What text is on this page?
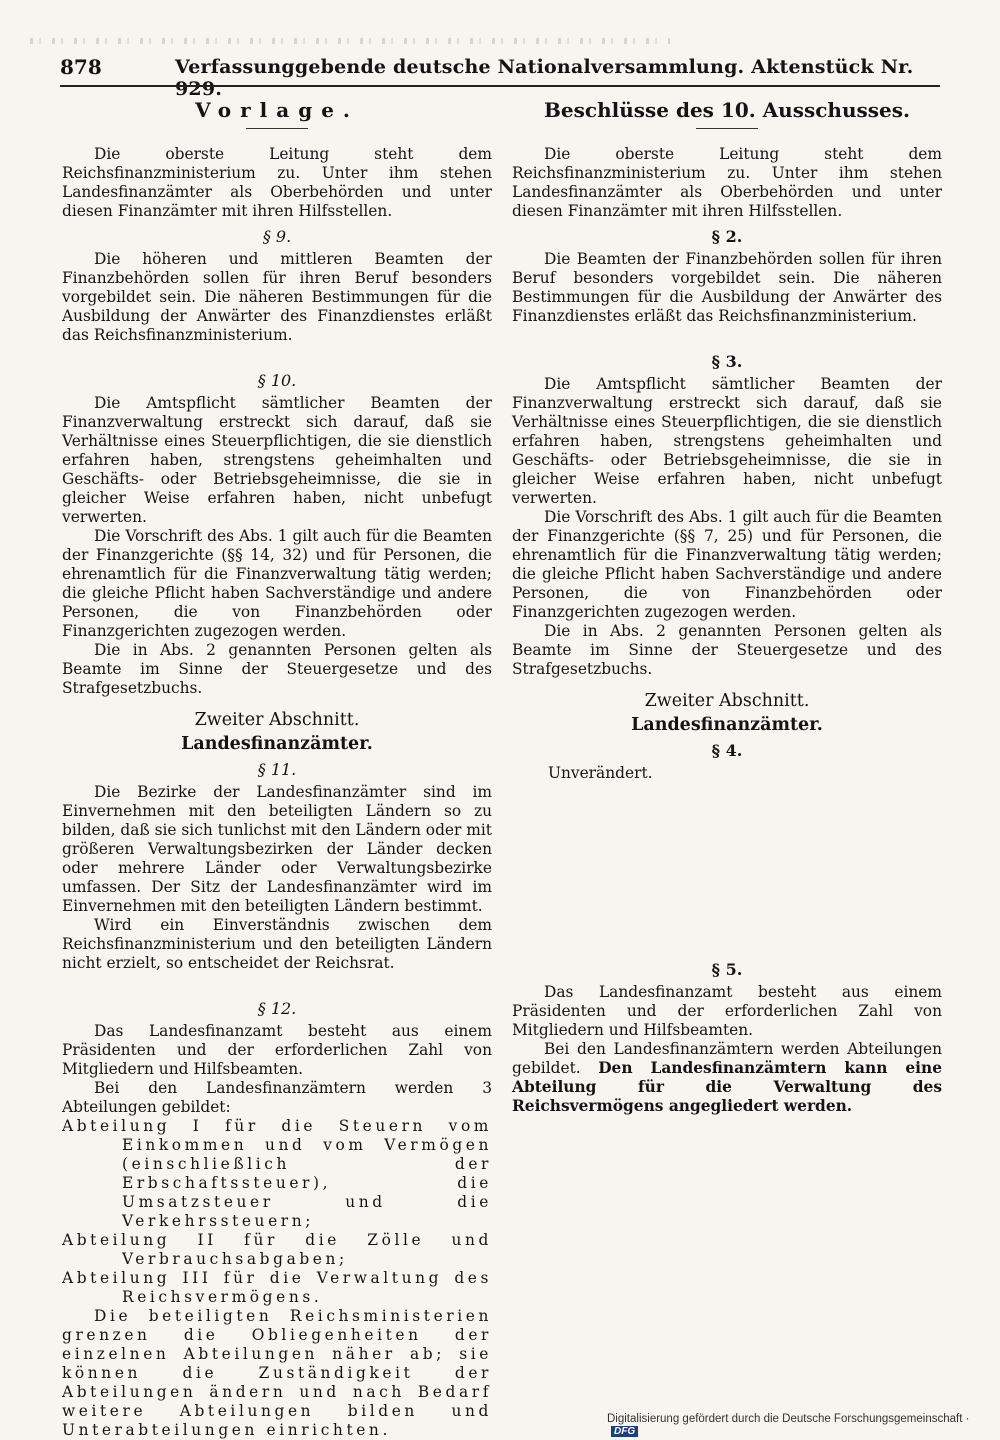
878	Verfassunggebende deutsche Nationalversammlung. Aktenstück Nr. 929.
Vorlage.

Die oberste Leitung steht dem Reichsfinanzministerium zu. Unter ihm stehen Landesfinanzämter als Oberbehörden und unter diesen Finanzämter mit ihren Hilfsstellen.

§ 9.

Die höheren und mittleren Beamten der Finanzbehörden sollen für ihren Beruf besonders vorgebildet sein. Die näheren Bestimmungen für die Ausbildung der Anwärter des Finanzdienstes erläßt das Reichsfinanzministerium.

§ 10.

Die Amtspflicht sämtlicher Beamten der Finanzverwaltung erstreckt sich darauf, daß sie Verhältnisse eines Steuerpflichtigen, die sie dienstlich erfahren haben, strengstens geheimhalten und Geschäfts- oder Betriebsgeheimnisse, die sie in gleicher Weise erfahren haben, nicht unbefugt verwerten.

Die Vorschrift des Abs. 1 gilt auch für die Beamten der Finanzgerichte (§§ 14, 32) und für Personen, die ehrenamtlich für die Finanzverwaltung tätig werden; die gleiche Pflicht haben Sachverständige und andere Personen, die von Finanzbehörden oder Finanzgerichten zugezogen werden.

Die in Abs. 2 genannten Personen gelten als Beamte im Sinne der Steuergesetze und des Strafgesetzbuchs.

Zweiter Abschnitt.
Landesfinanzämter.
§ 11.

Die Bezirke der Landesfinanzämter sind im Einvernehmen mit den beteiligten Ländern so zu bilden, daß sie sich tunlichst mit den Ländern oder mit größeren Verwaltungsbezirken der Länder decken oder mehrere Länder oder Verwaltungsbezirke umfassen. Der Sitz der Landesfinanzämter wird im Einvernehmen mit den beteiligten Ländern bestimmt.

Wird ein Einverständnis zwischen dem Reichsfinanzministerium und den beteiligten Ländern nicht erzielt, so entscheidet der Reichsrat.

§ 12.

Das Landesfinanzamt besteht aus einem Präsidenten und der erforderlichen Zahl von Mitgliedern und Hilfsbeamten.

Bei den Landesfinanzämtern werden 3 Abteilungen gebildet:

Abteilung I für die Steuern vom Einkommen und vom Vermögen (einschließlich der Erbschaftssteuer), die Umsatzsteuer und die Verkehrssteuern;
Abteilung II für die Zölle und Verbrauchsabgaben;
Abteilung III für die Verwaltung des Reichsvermögens.

Die beteiligten Reichsministerien grenzen die Obliegenheiten der einzelnen Abteilungen näher ab; sie können die Zuständigkeit der Abteilungen ändern und nach Bedarf weitere Abteilungen bilden und Unterabteilungen einrichten.

Beschlüsse des 10. Ausschusses.

Die oberste Leitung steht dem Reichsfinanzministerium zu. Unter ihm stehen Landesfinanzämter als Oberbehörden und unter diesen Finanzämter mit ihren Hilfsstellen.

§ 2.

Die Beamten der Finanzbehörden sollen für ihren Beruf besonders vorgebildet sein. Die näheren Bestimmungen für die Ausbildung der Anwärter des Finanzdienstes erläßt das Reichsfinanzministerium.

§ 3.

Die Amtspflicht sämtlicher Beamten der Finanzverwaltung erstreckt sich darauf, daß sie Verhältnisse eines Steuerpflichtigen, die sie dienstlich erfahren haben, strengstens geheimhalten und Geschäfts- oder Betriebsgeheimnisse, die sie in gleicher Weise erfahren haben, nicht unbefugt verwerten.

Die Vorschrift des Abs. 1 gilt auch für die Beamten der Finanzgerichte (§§ 7, 25) und für Personen, die ehrenamtlich für die Finanzverwaltung tätig werden; die gleiche Pflicht haben Sachverständige und andere Personen, die von Finanzbehörden oder Finanzgerichten zugezogen werden.

Die in Abs. 2 genannten Personen gelten als Beamte im Sinne der Steuergesetze und des Strafgesetzbuchs.

Zweiter Abschnitt.
Landesfinanzämter.
§ 4.
Unverändert.
§ 5.

Das Landesfinanzamt besteht aus einem Präsidenten und der erforderlichen Zahl von Mitgliedern und Hilfsbeamten.

Bei den Landesfinanzämtern werden Abteilungen gebildet. Den Landesfinanzämtern kann eine Abteilung für die Verwaltung des Reichsvermögens angegliedert werden.

Digitalisierung gefördert durch die Deutsche Forschungsgemeinschaft ·DFG
